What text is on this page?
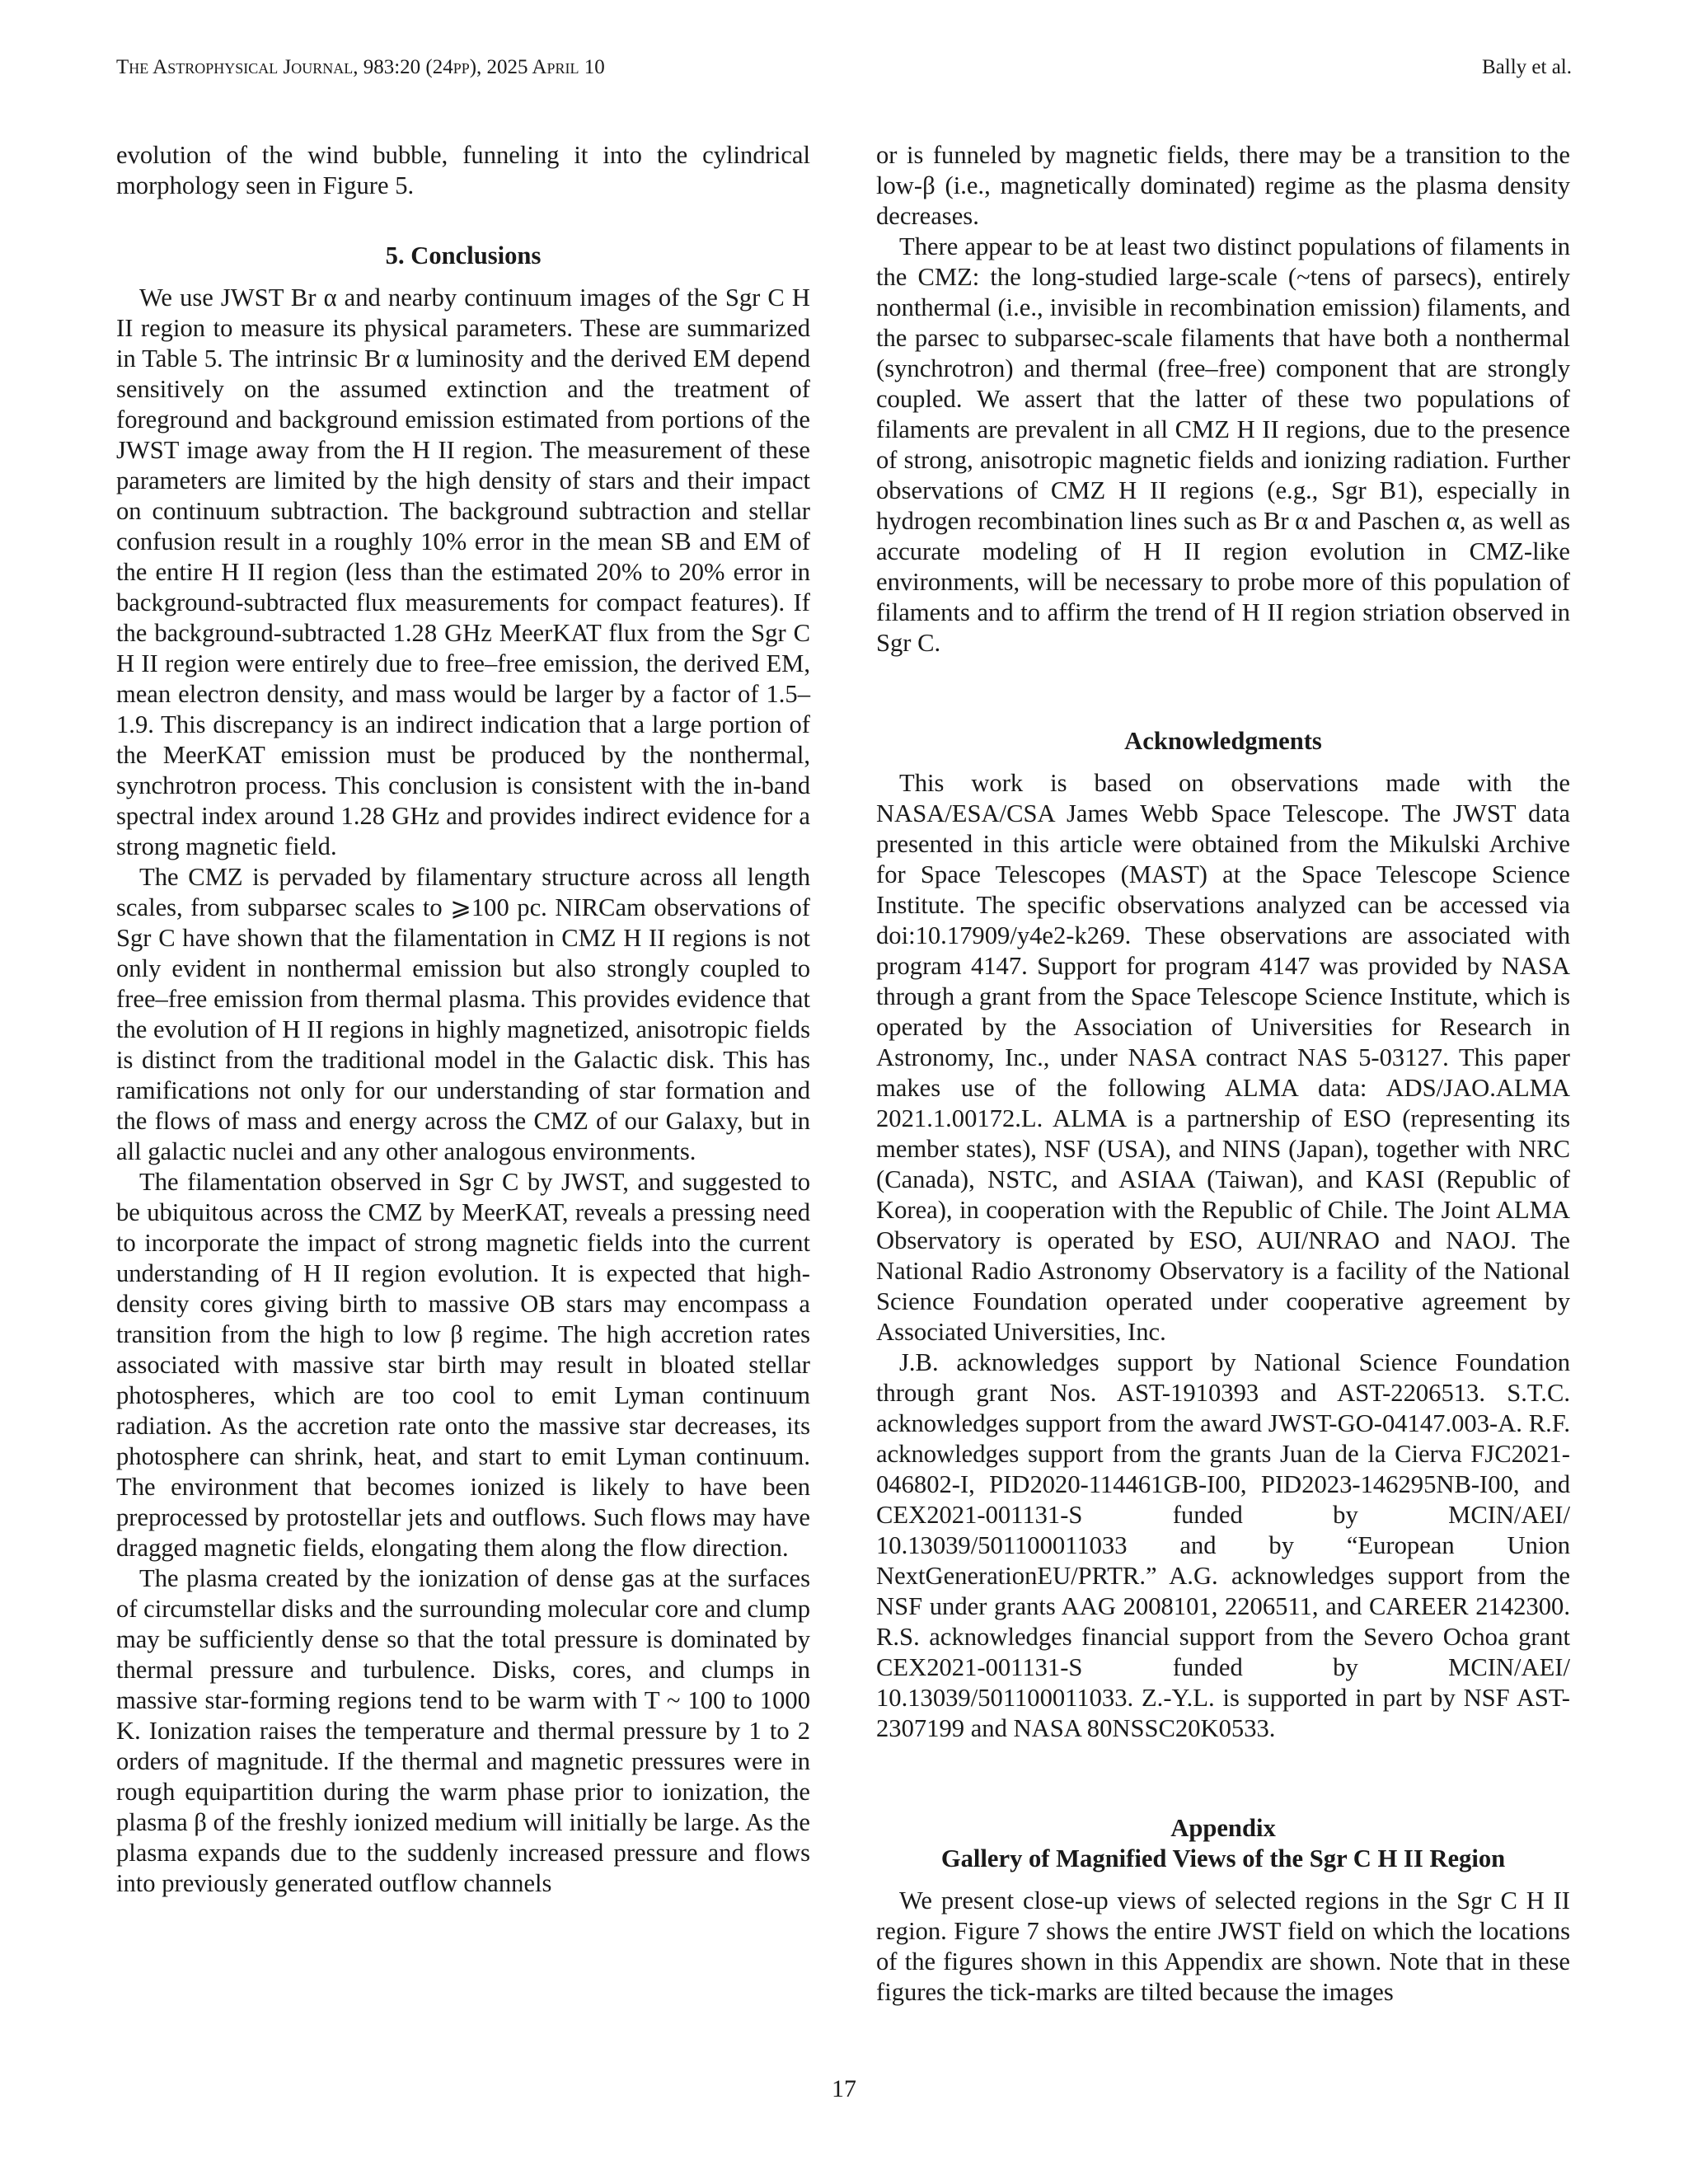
The Astrophysical Journal, 983:20 (24pp), 2025 April 10	Bally et al.

evolution of the wind bubble, funneling it into the cylindrical morphology seen in Figure 5.

5. Conclusions

We use JWST Br α and nearby continuum images of the Sgr C H II region to measure its physical parameters. These are summarized in Table 5. The intrinsic Br α luminosity and the derived EM depend sensitively on the assumed extinction and the treatment of foreground and background emission estimated from portions of the JWST image away from the H II region. The measurement of these parameters are limited by the high density of stars and their impact on continuum subtraction. The background subtraction and stellar confusion result in a roughly 10% error in the mean SB and EM of the entire H II region (less than the estimated 20% to 20% error in background-subtracted flux measurements for compact features). If the background-subtracted 1.28 GHz MeerKAT flux from the Sgr C H II region were entirely due to free–free emission, the derived EM, mean electron density, and mass would be larger by a factor of 1.5–1.9. This discrepancy is an indirect indication that a large portion of the MeerKAT emission must be produced by the nonthermal, synchrotron process. This conclusion is consistent with the in-band spectral index around 1.28 GHz and provides indirect evidence for a strong magnetic field.

The CMZ is pervaded by filamentary structure across all length scales, from subparsec scales to ⩾100 pc. NIRCam observations of Sgr C have shown that the filamentation in CMZ H II regions is not only evident in nonthermal emission but also strongly coupled to free–free emission from thermal plasma. This provides evidence that the evolution of H II regions in highly magnetized, anisotropic fields is distinct from the traditional model in the Galactic disk. This has ramifications not only for our understanding of star formation and the flows of mass and energy across the CMZ of our Galaxy, but in all galactic nuclei and any other analogous environments.

The filamentation observed in Sgr C by JWST, and suggested to be ubiquitous across the CMZ by MeerKAT, reveals a pressing need to incorporate the impact of strong magnetic fields into the current understanding of H II region evolution. It is expected that high-density cores giving birth to massive OB stars may encompass a transition from the high to low β regime. The high accretion rates associated with massive star birth may result in bloated stellar photospheres, which are too cool to emit Lyman continuum radiation. As the accretion rate onto the massive star decreases, its photosphere can shrink, heat, and start to emit Lyman continuum. The environment that becomes ionized is likely to have been preprocessed by protostellar jets and outflows. Such flows may have dragged magnetic fields, elongating them along the flow direction.

The plasma created by the ionization of dense gas at the surfaces of circumstellar disks and the surrounding molecular core and clump may be sufficiently dense so that the total pressure is dominated by thermal pressure and turbulence. Disks, cores, and clumps in massive star-forming regions tend to be warm with T ~ 100 to 1000 K. Ionization raises the temperature and thermal pressure by 1 to 2 orders of magnitude. If the thermal and magnetic pressures were in rough equipartition during the warm phase prior to ionization, the plasma β of the freshly ionized medium will initially be large. As the plasma expands due to the suddenly increased pressure and flows into previously generated outflow channels

or is funneled by magnetic fields, there may be a transition to the low-β (i.e., magnetically dominated) regime as the plasma density decreases.

There appear to be at least two distinct populations of filaments in the CMZ: the long-studied large-scale (~tens of parsecs), entirely nonthermal (i.e., invisible in recombination emission) filaments, and the parsec to subparsec-scale filaments that have both a nonthermal (synchrotron) and thermal (free–free) component that are strongly coupled. We assert that the latter of these two populations of filaments are prevalent in all CMZ H II regions, due to the presence of strong, anisotropic magnetic fields and ionizing radiation. Further observations of CMZ H II regions (e.g., Sgr B1), especially in hydrogen recombination lines such as Br α and Paschen α, as well as accurate modeling of H II region evolution in CMZ-like environments, will be necessary to probe more of this population of filaments and to affirm the trend of H II region striation observed in Sgr C.

Acknowledgments

This work is based on observations made with the NASA/ESA/CSA James Webb Space Telescope. The JWST data presented in this article were obtained from the Mikulski Archive for Space Telescopes (MAST) at the Space Telescope Science Institute. The specific observations analyzed can be accessed via doi:10.17909/y4e2-k269. These observations are associated with program 4147. Support for program 4147 was provided by NASA through a grant from the Space Telescope Science Institute, which is operated by the Association of Universities for Research in Astronomy, Inc., under NASA contract NAS 5-03127. This paper makes use of the following ALMA data: ADS/JAO.ALMA 2021.1.00172.L. ALMA is a partnership of ESO (representing its member states), NSF (USA), and NINS (Japan), together with NRC (Canada), NSTC, and ASIAA (Taiwan), and KASI (Republic of Korea), in cooperation with the Republic of Chile. The Joint ALMA Observatory is operated by ESO, AUI/NRAO and NAOJ. The National Radio Astronomy Observatory is a facility of the National Science Foundation operated under cooperative agreement by Associated Universities, Inc.

J.B. acknowledges support by National Science Foundation through grant Nos. AST-1910393 and AST-2206513. S.T.C. acknowledges support from the award JWST-GO-04147.003-A. R.F. acknowledges support from the grants Juan de la Cierva FJC2021-046802-I, PID2020-114461GB-I00, PID2023-146295NB-I00, and CEX2021-001131-S funded by MCIN/AEI/ 10.13039/501100011033 and by “European Union NextGenerationEU/PRTR.” A.G. acknowledges support from the NSF under grants AAG 2008101, 2206511, and CAREER 2142300. R.S. acknowledges financial support from the Severo Ochoa grant CEX2021-001131-S funded by MCIN/AEI/ 10.13039/501100011033. Z.-Y.L. is supported in part by NSF AST- 2307199 and NASA 80NSSC20K0533.

Appendix
Gallery of Magnified Views of the Sgr C H II Region

We present close-up views of selected regions in the Sgr C H II region. Figure 7 shows the entire JWST field on which the locations of the figures shown in this Appendix are shown. Note that in these figures the tick-marks are tilted because the images

17
